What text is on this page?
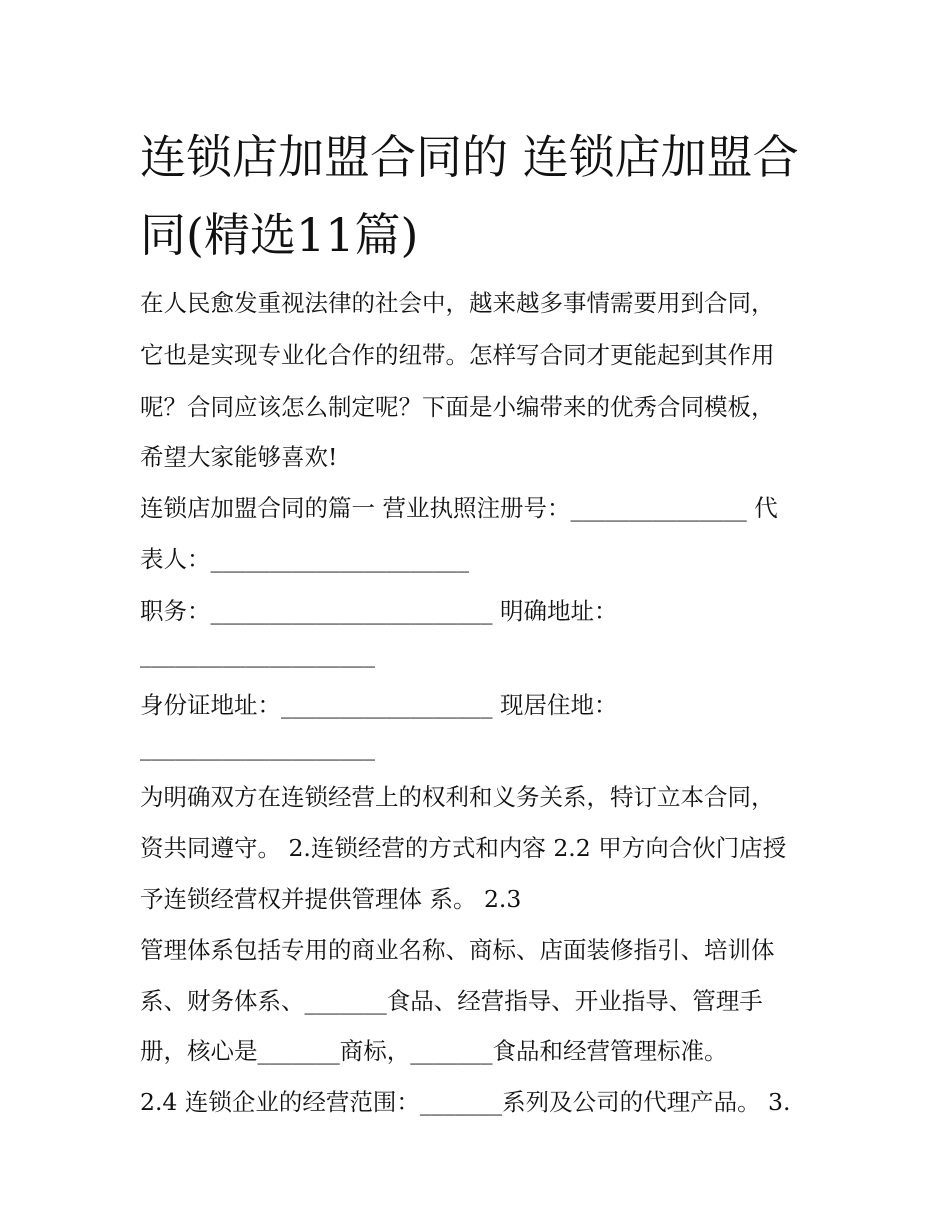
连锁店加盟合同的 连锁店加盟合同(精选11篇)

在人民愈发重视法律的社会中，越来越多事情需要用到合同，

它也是实现专业化合作的纽带。怎样写合同才更能起到其作用

呢？合同应该怎么制定呢？下面是小编带来的优秀合同模板，

希望大家能够喜欢!

连锁店加盟合同的篇一 营业执照注册号：_______________ 代

表人：______________________

职务：________________________ 明确地址：

____________________

身份证地址：__________________ 现居住地：

____________________

为明确双方在连锁经营上的权利和义务关系，特订立本合同，

资共同遵守。 2.连锁经营的方式和内容 2.2 甲方向合伙门店授

予连锁经营权并提供管理体 系。 2.3

管理体系包括专用的商业名称、商标、店面装修指引、培训体

系、财务体系、_______食品、经营指导、开业指导、管理手

册，核心是_______商标，_______食品和经营管理标准。

2.4 连锁企业的经营范围：_______系列及公司的代理产品。 3.
